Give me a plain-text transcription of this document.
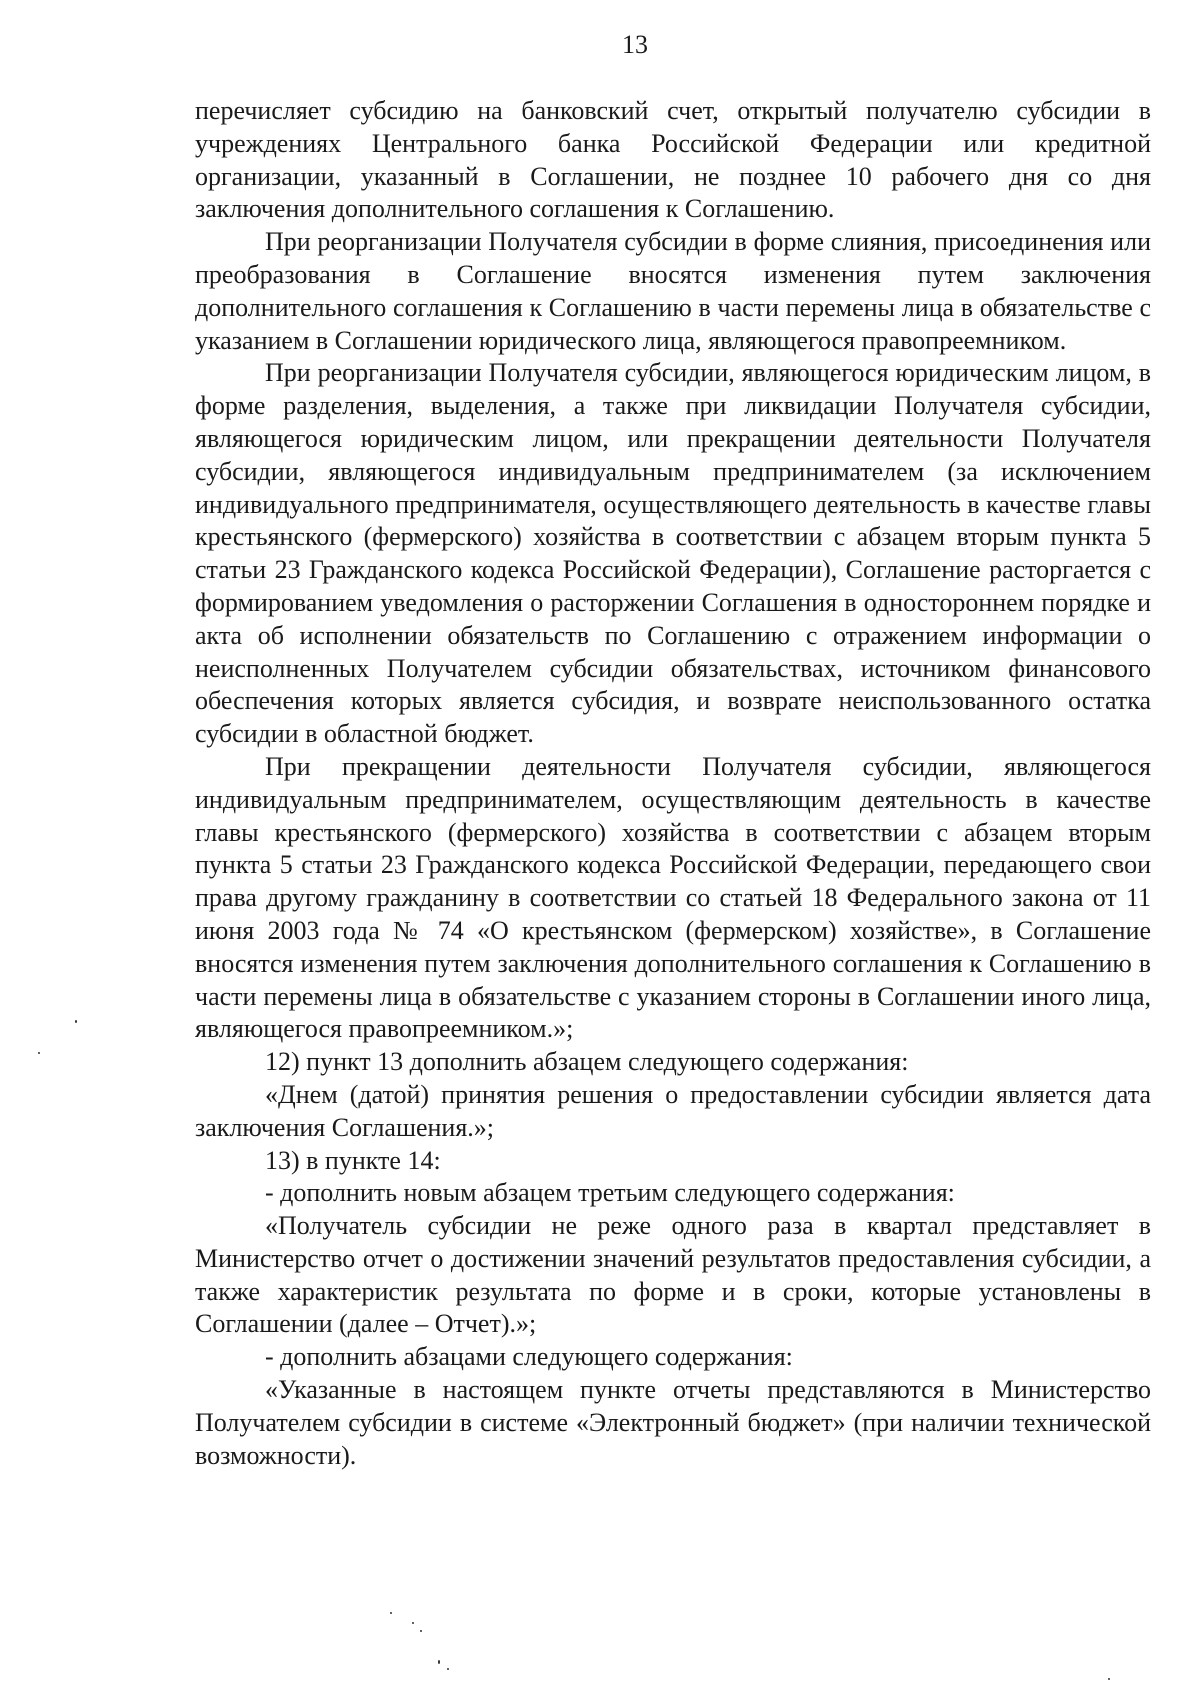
13

перечисляет субсидию на банковский счет, открытый получателю субсидии в учреждениях Центрального банка Российской Федерации или кредитной организации, указанный в Соглашении, не позднее 10 рабочего дня со дня заключения дополнительного соглашения к Соглашению.

При реорганизации Получателя субсидии в форме слияния, присоединения или преобразования в Соглашение вносятся изменения путем заключения дополнительного соглашения к Соглашению в части перемены лица в обязательстве с указанием в Соглашении юридического лица, являющегося правопреемником.

При реорганизации Получателя субсидии, являющегося юридическим лицом, в форме разделения, выделения, а также при ликвидации Получателя субсидии, являющегося юридическим лицом, или прекращении деятельности Получателя субсидии, являющегося индивидуальным предпринимателем (за исключением индивидуального предпринимателя, осуществляющего деятельность в качестве главы крестьянского (фермерского) хозяйства в соответствии с абзацем вторым пункта 5 статьи 23 Гражданского кодекса Российской Федерации), Соглашение расторгается с формированием уведомления о расторжении Соглашения в одностороннем порядке и акта об исполнении обязательств по Соглашению с отражением информации о неисполненных Получателем субсидии обязательствах, источником финансового обеспечения которых является субсидия, и возврате неиспользованного остатка субсидии в областной бюджет.

При прекращении деятельности Получателя субсидии, являющегося индивидуальным предпринимателем, осуществляющим деятельность в качестве главы крестьянского (фермерского) хозяйства в соответствии с абзацем вторым пункта 5 статьи 23 Гражданского кодекса Российской Федерации, передающего свои права другому гражданину в соответствии со статьей 18 Федерального закона от 11 июня 2003 года № 74 «О крестьянском (фермерском) хозяйстве», в Соглашение вносятся изменения путем заключения дополнительного соглашения к Соглашению в части перемены лица в обязательстве с указанием стороны в Соглашении иного лица, являющегося правопреемником.»;

12) пункт 13 дополнить абзацем следующего содержания:

«Днем (датой) принятия решения о предоставлении субсидии является дата заключения Соглашения.»;

13) в пункте 14:

- дополнить новым абзацем третьим следующего содержания:

«Получатель субсидии не реже одного раза в квартал представляет в Министерство отчет о достижении значений результатов предоставления субсидии, а также характеристик результата по форме и в сроки, которые установлены в Соглашении (далее – Отчет).»;

- дополнить абзацами следующего содержания:

«Указанные в настоящем пункте отчеты представляются в Министерство Получателем субсидии в системе «Электронный бюджет» (при наличии технической возможности).
